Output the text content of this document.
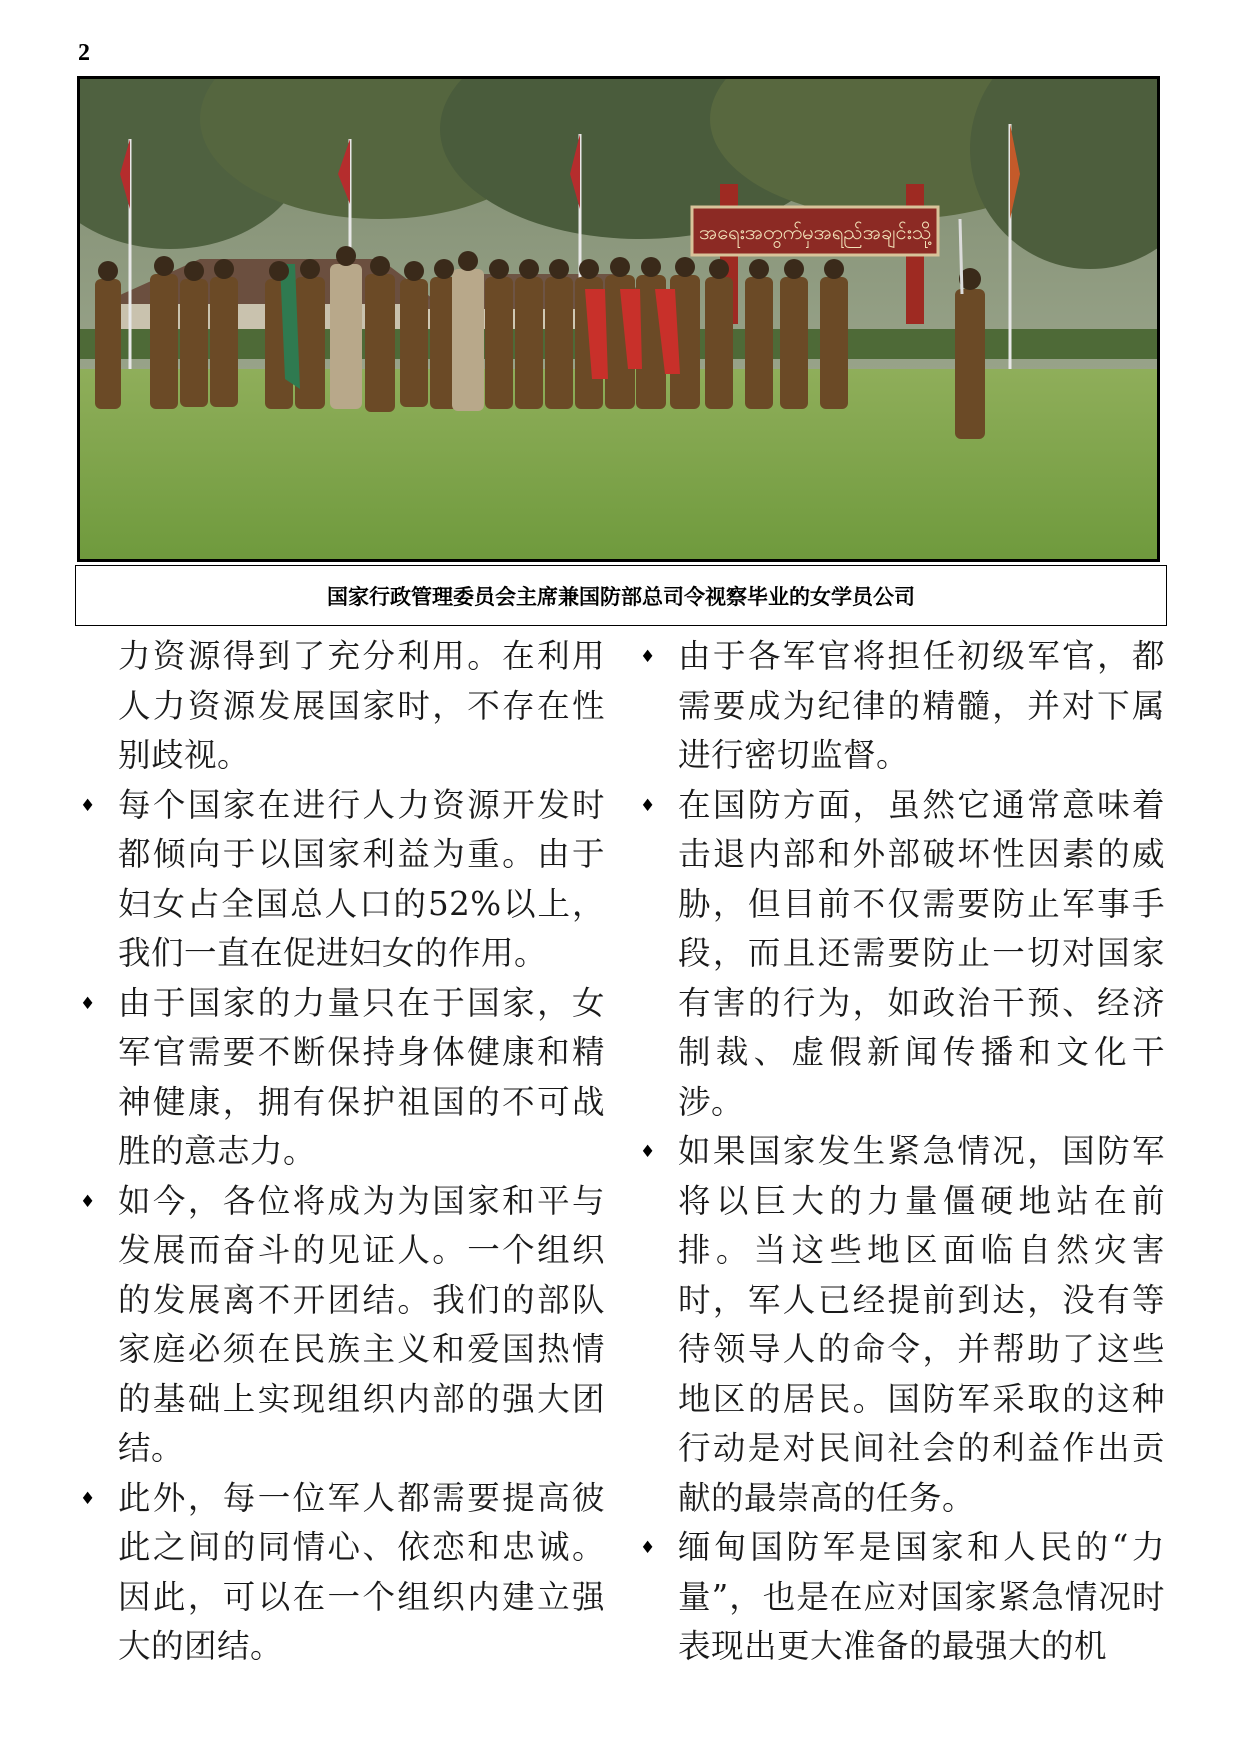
2
အရေးအတွက်မှအရည်အချင်းသို့
国家行政管理委员会主席兼国防部总司令视察毕业的女学员公司
力资源得到了充分利用。在利用人力资源发展国家时，不存在性别歧视。
♦ 每个国家在进行人力资源开发时都倾向于以国家利益为重。由于妇女占全国总人口的52%以上，我们一直在促进妇女的作用。
♦ 由于国家的力量只在于国家，女军官需要不断保持身体健康和精神健康，拥有保护祖国的不可战胜的意志力。
♦ 如今，各位将成为为国家和平与发展而奋斗的见证人。一个组织的发展离不开团结。我们的部队家庭必须在民族主义和爱国热情的基础上实现组织内部的强大团结。
♦ 此外，每一位军人都需要提高彼此之间的同情心、依恋和忠诚。因此，可以在一个组织内建立强大的团结。
♦ 由于各军官将担任初级军官，都需要成为纪律的精髓，并对下属进行密切监督。
♦ 在国防方面，虽然它通常意味着击退内部和外部破坏性因素的威胁，但目前不仅需要防止军事手段，而且还需要防止一切对国家有害的行为，如政治干预、经济制裁、虚假新闻传播和文化干涉。
♦ 如果国家发生紧急情况，国防军将以巨大的力量僵硬地站在前排。当这些地区面临自然灾害时，军人已经提前到达，没有等待领导人的命令，并帮助了这些地区的居民。国防军采取的这种行动是对民间社会的利益作出贡献的最崇高的任务。
♦ 缅甸国防军是国家和人民的“力量”，也是在应对国家紧急情况时表现出更大准备的最强大的机
